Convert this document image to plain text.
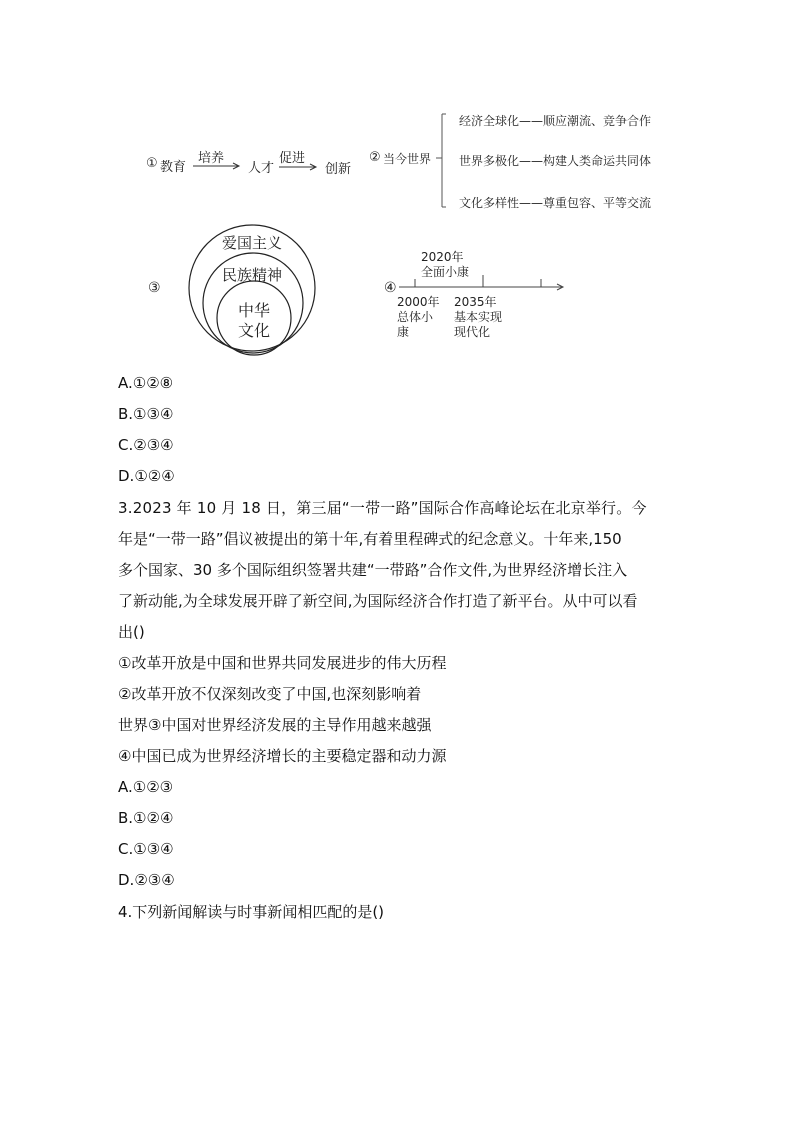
① 教育
培养
人才
促进
创新
② 当今世界
经济全球化——顺应潮流、竞争合作
世界多极化——构建人类命运共同体
文化多样性——尊重包容、平等交流
③
爱国主义
民族精神
中华
文化
④
2020年
全面小康
2000年
总体小
康
2035年
基本实现
现代化
A.①②⑧
B.①③④
C.②③④
D.①②④
3.2023 年 10 月 18 日，第三届“一带一路”国际合作高峰论坛在北京举行。今
年是“一带一路”倡议被提出的第十年,有着里程碑式的纪念意义。十年来,150
多个国家、30 多个国际组织签署共建“一带路”合作文件,为世界经济增长注入
了新动能,为全球发展开辟了新空间,为国际经济合作打造了新平台。从中可以看
出()
①改革开放是中国和世界共同发展进步的伟大历程
②改革开放不仅深刻改变了中国,也深刻影响着
世界③中国对世界经济发展的主导作用越来越强
④中国已成为世界经济增长的主要稳定器和动力源
A.①②③
B.①②④
C.①③④
D.②③④
4.下列新闻解读与时事新闻相匹配的是()
